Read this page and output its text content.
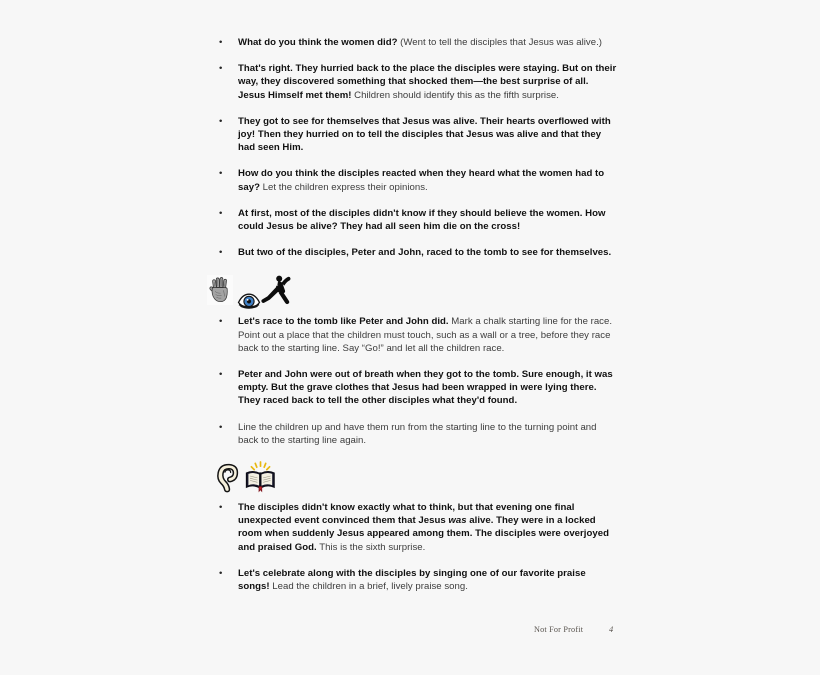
• What do you think the women did? (Went to tell the disciples that Jesus was alive.)
• That's right. They hurried back to the place the disciples were staying. But on their way, they discovered something that shocked them—the best surprise of all. Jesus Himself met them! Children should identify this as the fifth surprise.
• They got to see for themselves that Jesus was alive. Their hearts overflowed with joy! Then they hurried on to tell the disciples that Jesus was alive and that they had seen Him.
• How do you think the disciples reacted when they heard what the women had to say? Let the children express their opinions.
• At first, most of the disciples didn't know if they should believe the women. How could Jesus be alive? They had all seen him die on the cross!
• But two of the disciples, Peter and John, raced to the tomb to see for themselves.
• Let's race to the tomb like Peter and John did. Mark a chalk starting line for the race. Point out a place that the children must touch, such as a wall or a tree, before they race back to the starting line. Say “Go!” and let all the children race.
• Peter and John were out of breath when they got to the tomb. Sure enough, it was empty. But the grave clothes that Jesus had been wrapped in were lying there. They raced back to tell the other disciples what they'd found.
• Line the children up and have them run from the starting line to the turning point and back to the starting line again.
• The disciples didn't know exactly what to think, but that evening one final unexpected event convinced them that Jesus was alive. They were in a locked room when suddenly Jesus appeared among them. The disciples were overjoyed and praised God. This is the sixth surprise.
• Let's celebrate along with the disciples by singing one of our favorite praise songs! Lead the children in a brief, lively praise song.
Not For Profit	4
